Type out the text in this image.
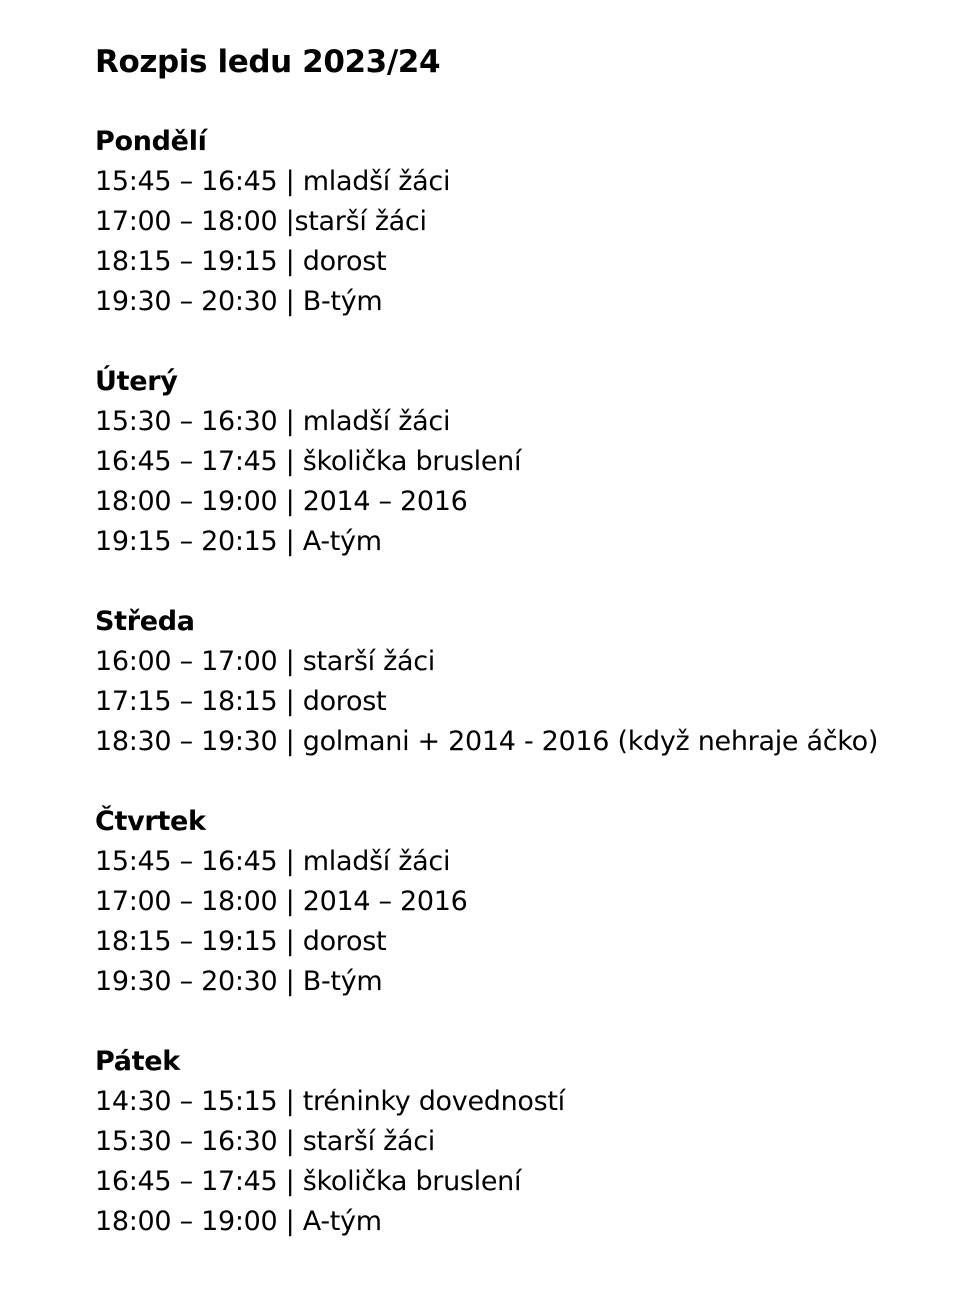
Rozpis ledu 2023/24
Pondělí
15:45 – 16:45 | mladší žáci
17:00 – 18:00 |starší žáci
18:15 – 19:15 | dorost
19:30 – 20:30 | B-tým
Úterý
15:30 – 16:30 | mladší žáci
16:45 – 17:45 | školička bruslení
18:00 – 19:00 | 2014 – 2016
19:15 – 20:15 | A-tým
Středa
16:00 – 17:00 | starší žáci
17:15 – 18:15 | dorost
18:30 – 19:30 | golmani + 2014 - 2016 (když nehraje áčko)
Čtvrtek
15:45 – 16:45 | mladší žáci
17:00 – 18:00 | 2014 – 2016
18:15 – 19:15 | dorost
19:30 – 20:30 | B-tým
Pátek
14:30 – 15:15 | tréninky dovedností
15:30 – 16:30 | starší žáci
16:45 – 17:45 | školička bruslení
18:00 – 19:00 | A-tým
